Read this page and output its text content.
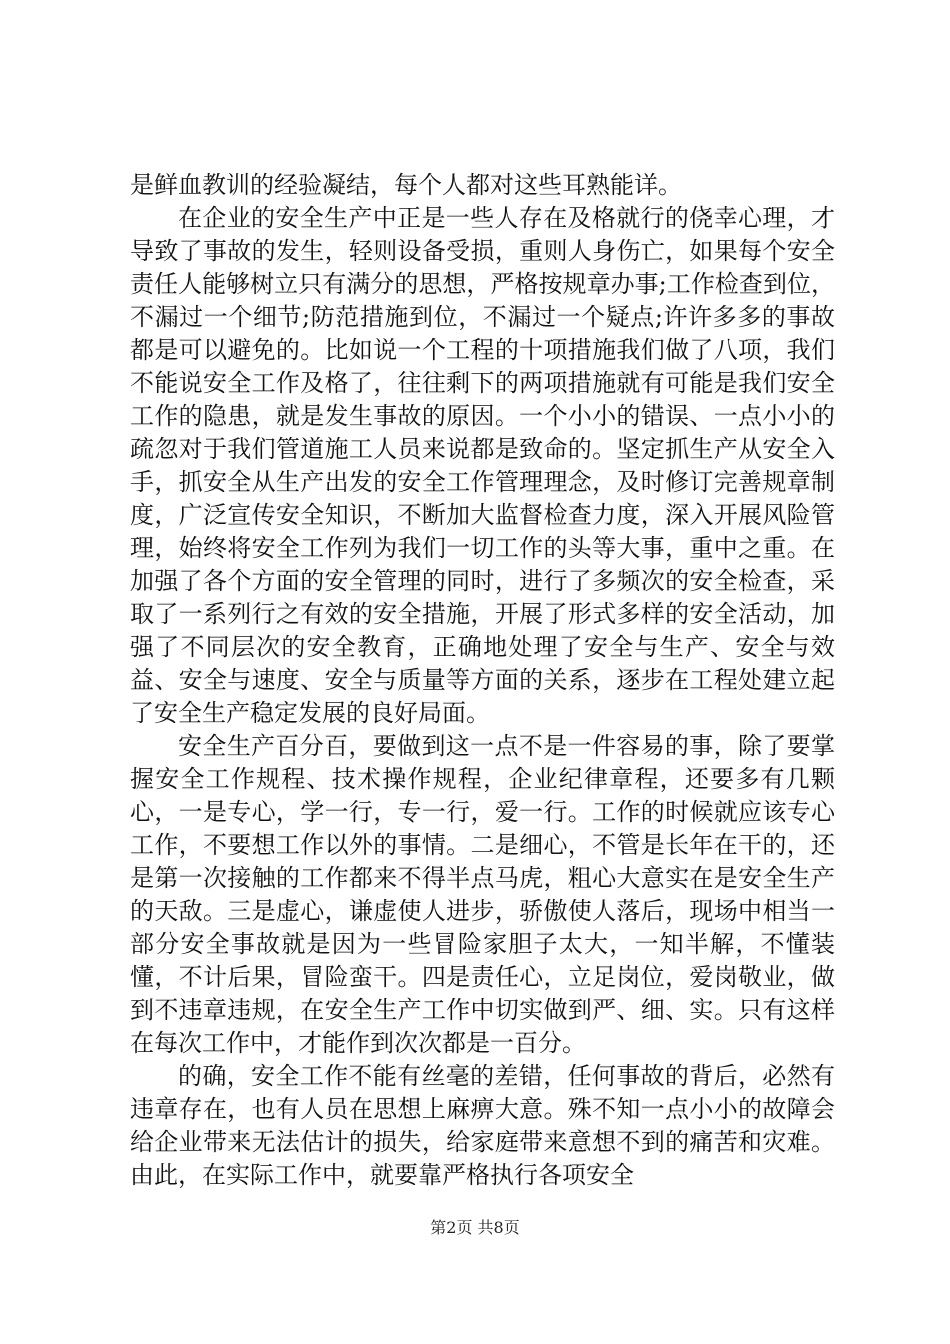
是鲜血教训的经验凝结，每个人都对这些耳熟能详。

在企业的安全生产中正是一些人存在及格就行的侥幸心理，才导致了事故的发生，轻则设备受损，重则人身伤亡，如果每个安全责任人能够树立只有满分的思想，严格按规章办事;工作检查到位，不漏过一个细节;防范措施到位，不漏过一个疑点;许许多多的事故都是可以避免的。比如说一个工程的十项措施我们做了八项，我们不能说安全工作及格了，往往剩下的两项措施就有可能是我们安全工作的隐患，就是发生事故的原因。一个小小的错误、一点小小的疏忽对于我们管道施工人员来说都是致命的。坚定抓生产从安全入手，抓安全从生产出发的安全工作管理理念，及时修订完善规章制度，广泛宣传安全知识，不断加大监督检查力度，深入开展风险管理，始终将安全工作列为我们一切工作的头等大事，重中之重。在加强了各个方面的安全管理的同时，进行了多频次的安全检查，采取了一系列行之有效的安全措施，开展了形式多样的安全活动，加强了不同层次的安全教育，正确地处理了安全与生产、安全与效益、安全与速度、安全与质量等方面的关系，逐步在工程处建立起了安全生产稳定发展的良好局面。

安全生产百分百，要做到这一点不是一件容易的事，除了要掌握安全工作规程、技术操作规程，企业纪律章程，还要多有几颗心，一是专心，学一行，专一行，爱一行。工作的时候就应该专心工作，不要想工作以外的事情。二是细心，不管是长年在干的，还是第一次接触的工作都来不得半点马虎，粗心大意实在是安全生产的天敌。三是虚心，谦虚使人进步，骄傲使人落后，现场中相当一部分安全事故就是因为一些冒险家胆子太大，一知半解，不懂装懂，不计后果，冒险蛮干。四是责任心，立足岗位，爱岗敬业，做到不违章违规，在安全生产工作中切实做到严、细、实。只有这样在每次工作中，才能作到次次都是一百分。

的确，安全工作不能有丝毫的差错，任何事故的背后，必然有违章存在，也有人员在思想上麻痹大意。殊不知一点小小的故障会给企业带来无法估计的损失，给家庭带来意想不到的痛苦和灾难。由此，在实际工作中，就要靠严格执行各项安全

第2页 共8页
